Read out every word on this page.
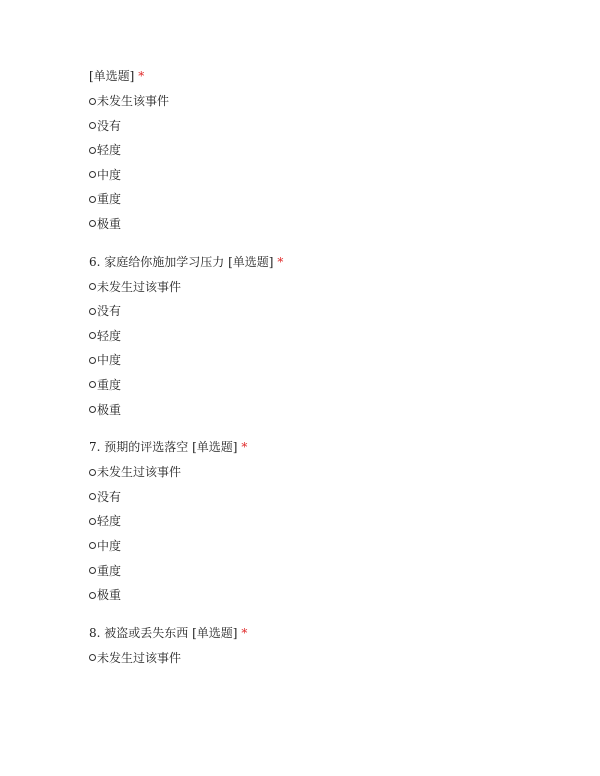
[单选题] *
未发生该事件
没有
轻度
中度
重度
极重
6. 家庭给你施加学习压力 [单选题] *
未发生过该事件
没有
轻度
中度
重度
极重
7. 预期的评选落空 [单选题] *
未发生过该事件
没有
轻度
中度
重度
极重
8. 被盗或丢失东西 [单选题] *
未发生过该事件
